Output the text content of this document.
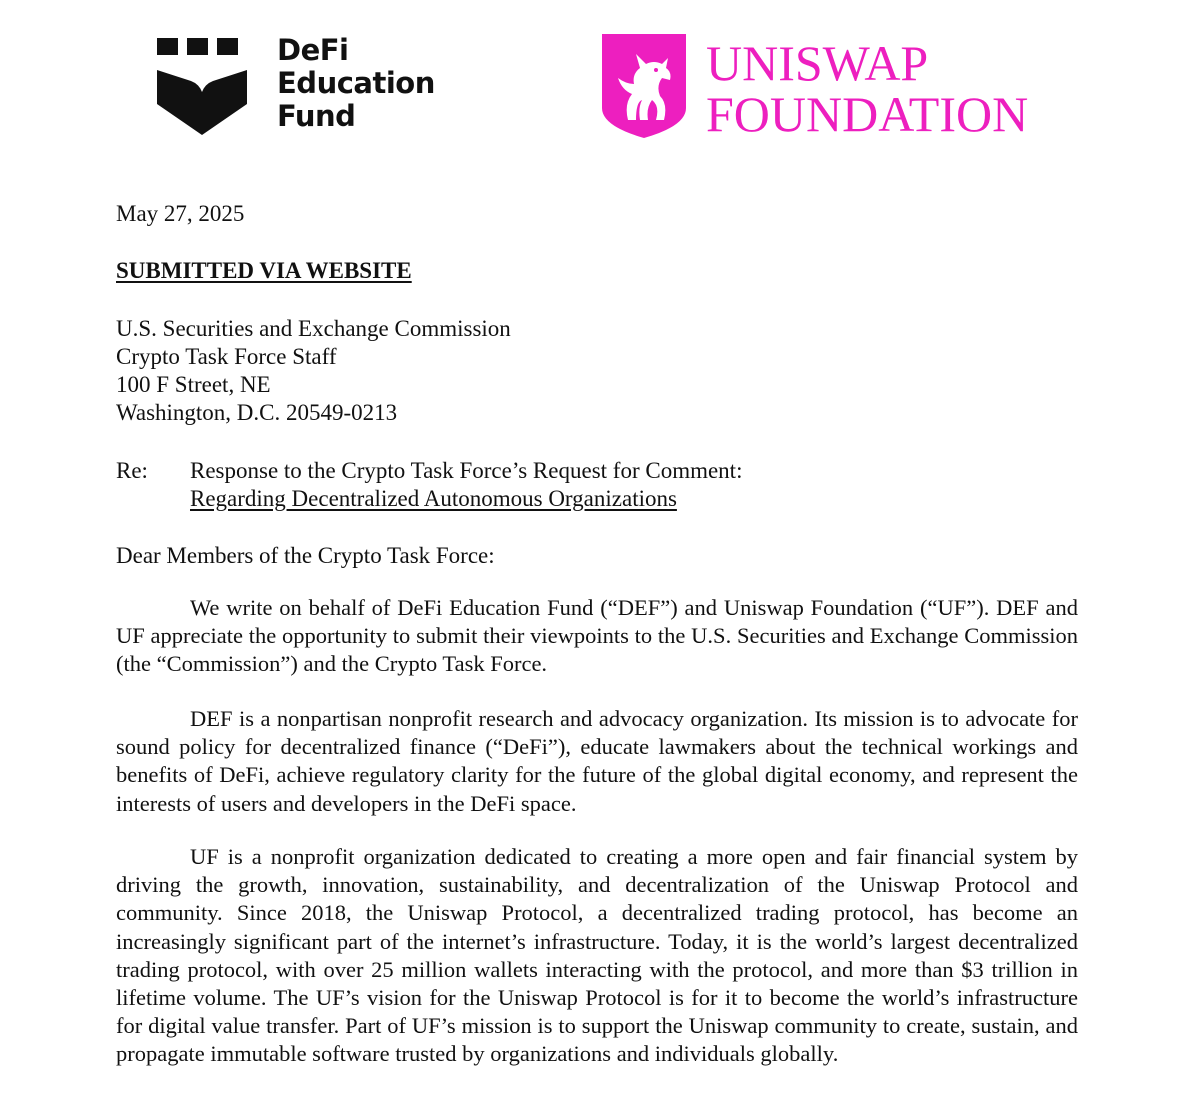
DeFi
Education
Fund
UNISWAP
FOUNDATION
May 27, 2025
SUBMITTED VIA WEBSITE
U.S. Securities and Exchange Commission
Crypto Task Force Staff
100 F Street, NE
Washington, D.C. 20549-0213
Re: Response to the Crypto Task Force’s Request for Comment:
Regarding Decentralized Autonomous Organizations
Dear Members of the Crypto Task Force:
We write on behalf of DeFi Education Fund (“DEF”) and Uniswap Foundation (“UF”). DEF and UF appreciate the opportunity to submit their viewpoints to the U.S. Securities and Exchange Commission (the “Commission”) and the Crypto Task Force.
DEF is a nonpartisan nonprofit research and advocacy organization. Its mission is to advocate for sound policy for decentralized finance (“DeFi”), educate lawmakers about the technical workings and benefits of DeFi, achieve regulatory clarity for the future of the global digital economy, and represent the interests of users and developers in the DeFi space.
UF is a nonprofit organization dedicated to creating a more open and fair financial system by driving the growth, innovation, sustainability, and decentralization of the Uniswap Protocol and community. Since 2018, the Uniswap Protocol, a decentralized trading protocol, has become an increasingly significant part of the internet’s infrastructure. Today, it is the world’s largest decentralized trading protocol, with over 25 million wallets interacting with the protocol, and more than $3 trillion in lifetime volume. The UF’s vision for the Uniswap Protocol is for it to become the world’s infrastructure for digital value transfer. Part of UF’s mission is to support the Uniswap community to create, sustain, and propagate immutable software trusted by organizations and individuals globally.
